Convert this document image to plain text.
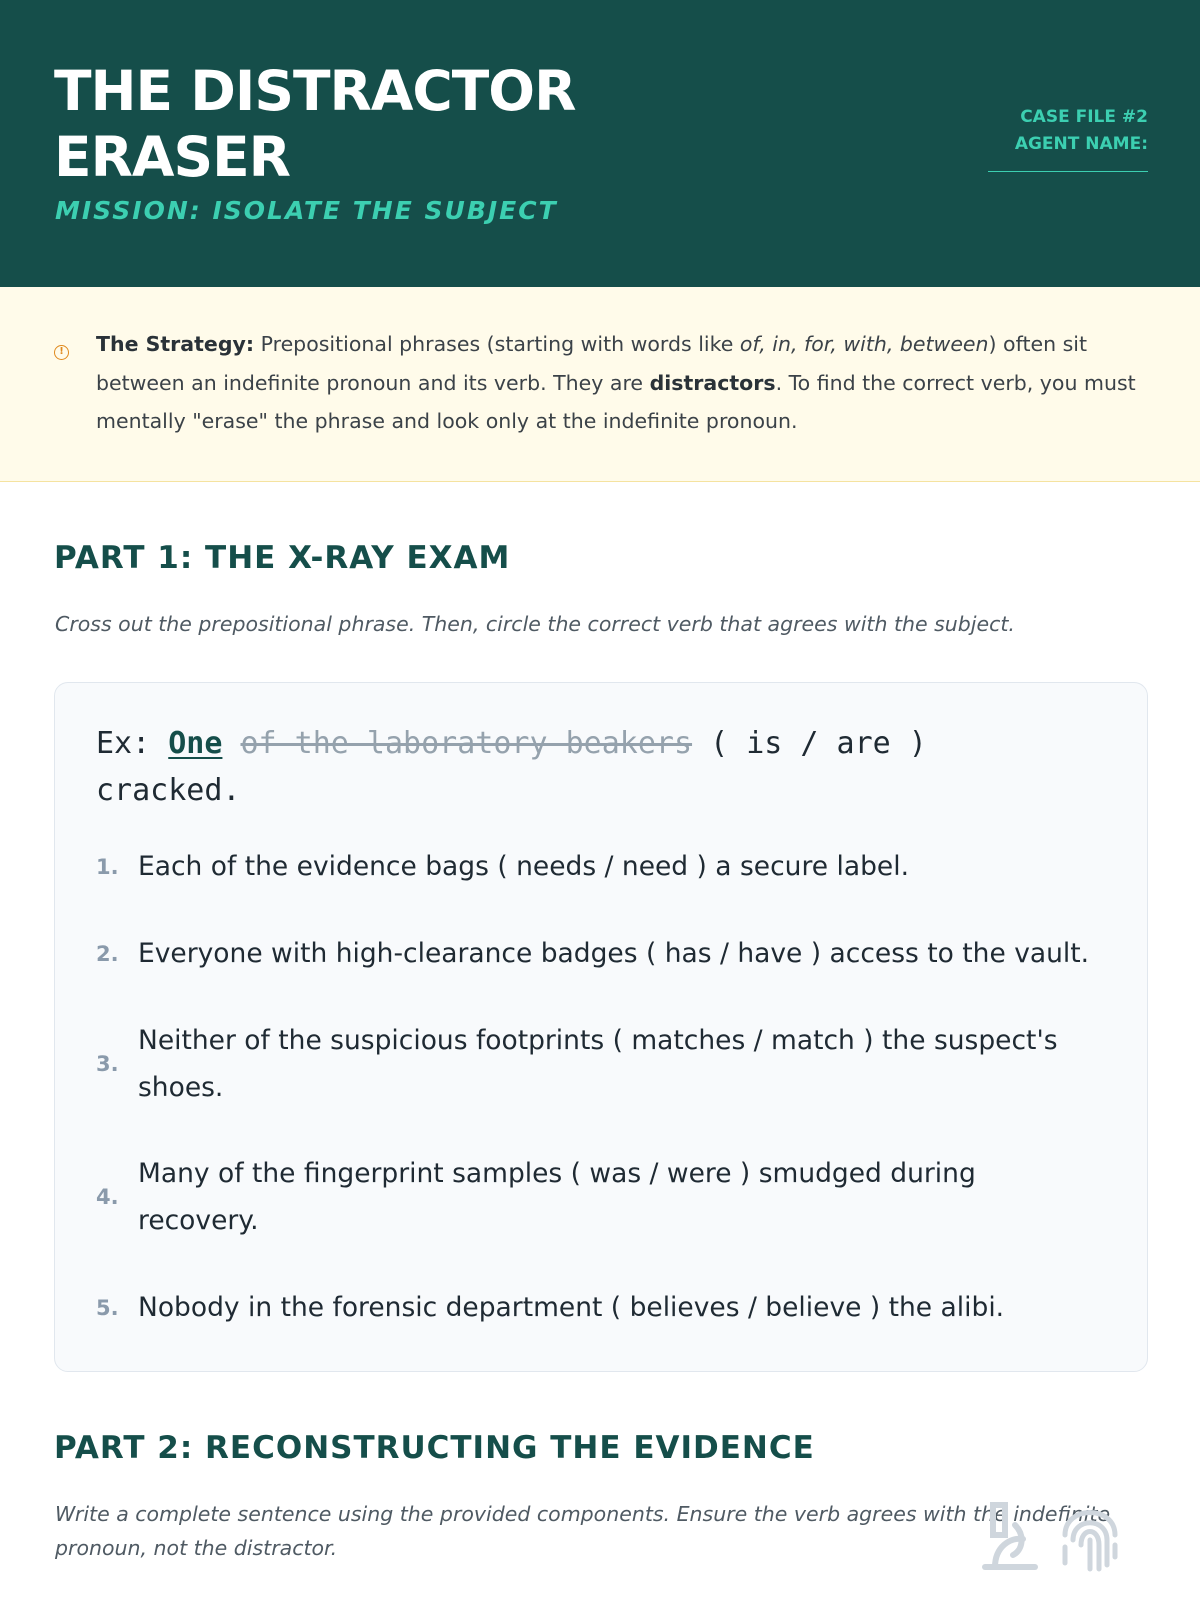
THE DISTRACTOR
ERASER
MISSION: ISOLATE THE SUBJECT
CASE FILE #2
AGENT NAME:
! The Strategy: Prepositional phrases (starting with words like of, in, for, with, between) often sit between an indefinite pronoun and its verb. They are distractors. To find the correct verb, you must mentally "erase" the phrase and look only at the indefinite pronoun.
PART 1: THE X-RAY EXAM
Cross out the prepositional phrase. Then, circle the correct verb that agrees with the subject.
Ex: One of the laboratory beakers ( is / are ) cracked.
1. Each of the evidence bags ( needs / need ) a secure label.
2. Everyone with high-clearance badges ( has / have ) access to the vault.
3.
Neither of the suspicious footprints ( matches / match ) the suspect's shoes.
4.
Many of the fingerprint samples ( was / were ) smudged during recovery.
5. Nobody in the forensic department ( believes / believe ) the alibi.
PART 2: RECONSTRUCTING THE EVIDENCE
Write a complete sentence using the provided components. Ensure the verb agrees with the indefinite pronoun, not the distractor.
